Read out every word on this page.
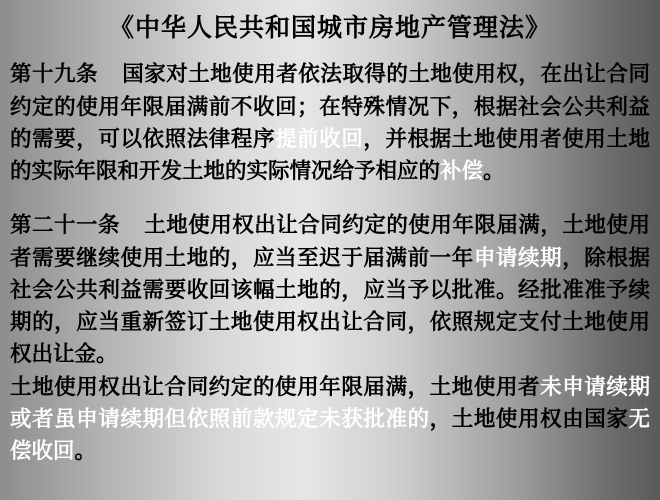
《中华人民共和国城市房地产管理法》
第十九条 国家对土地使用者依法取得的土地使用权，在出让合同约定的使用年限届满前不收回；在特殊情况下，根据社会公共利益的需要，可以依照法律程序提前收回，并根据土地使用者使用土地的实际年限和开发土地的实际情况给予相应的补偿。
第二十一条 土地使用权出让合同约定的使用年限届满，土地使用者需要继续使用土地的，应当至迟于届满前一年申请续期，除根据社会公共利益需要收回该幅土地的，应当予以批准。经批准准予续期的，应当重新签订土地使用权出让合同，依照规定支付土地使用权出让金。
土地使用权出让合同约定的使用年限届满，土地使用者未申请续期或者虽申请续期但依照前款规定未获批准的，土地使用权由国家无偿收回。
